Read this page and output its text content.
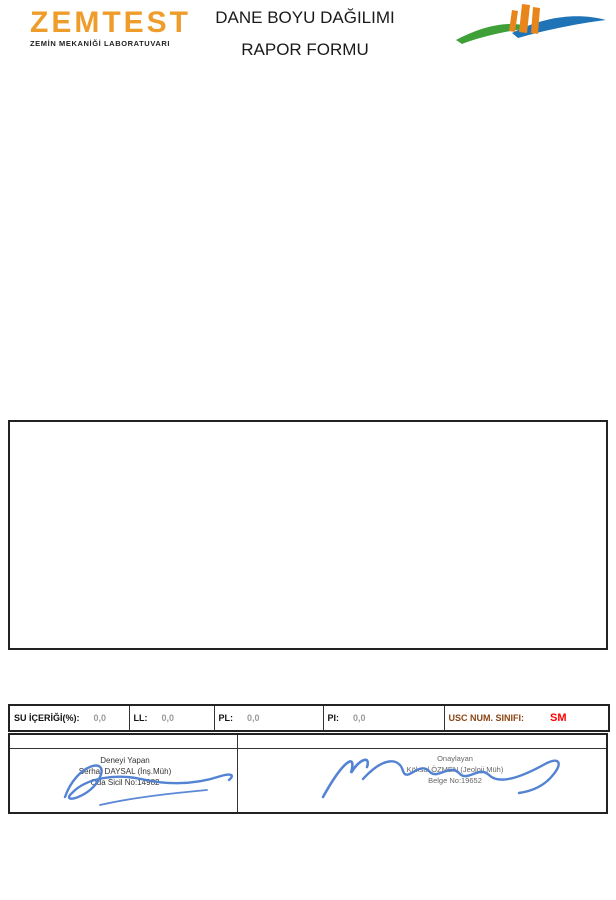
ZEMTEST
ZEMİN MEKANİĞİ LABORATUVARI
DANE BOYU DAĞILIMI
RAPOR FORMU
SU İÇERİĞİ(%):	0,0	LL:	0,0	PL:	0,0	PI:	0,0	USC NUM. SINIFI:	SM
Deneyi Yapan
Serhat DAYSAL (İnş.Müh)
Oda Sicil No:14982
Onaylayan
Köksal ÖZMEN (Jeoloji Müh)
Belge No:19652
